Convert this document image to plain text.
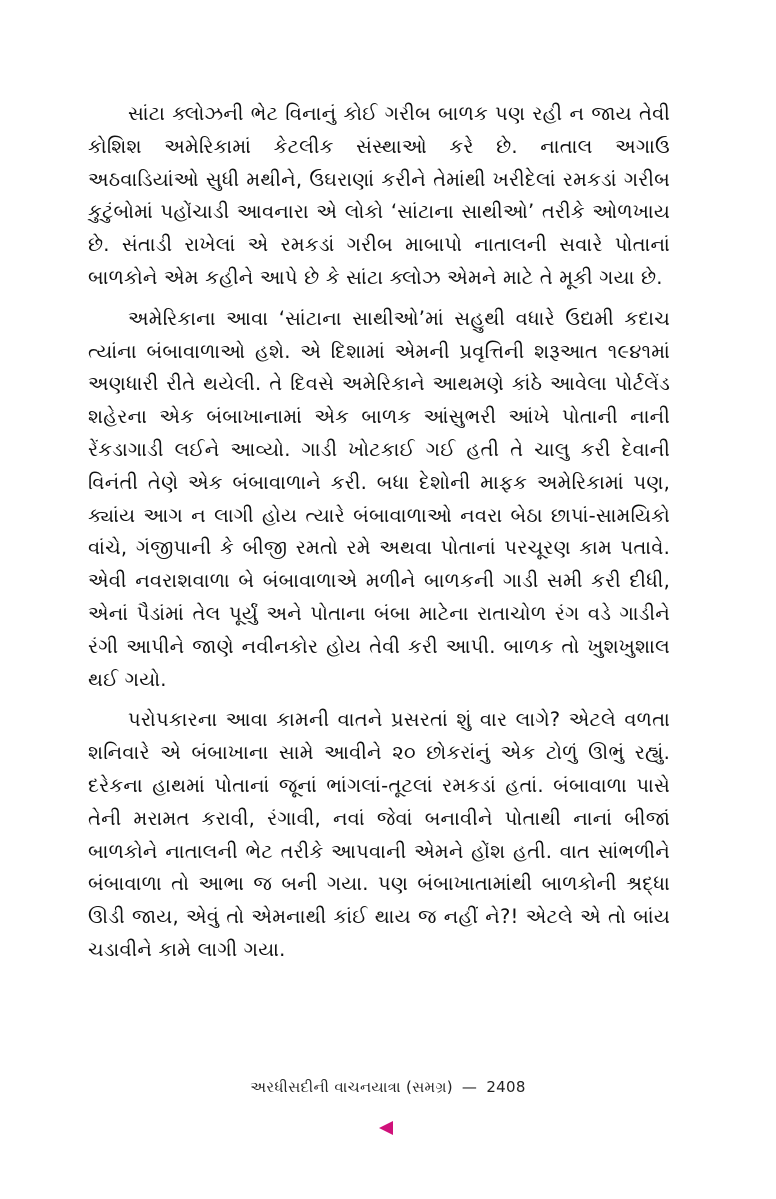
સાંટા ક્લોઝની ભેટ વિનાનું કોઈ ગરીબ બાળક પણ રહી ન જાય તેવી કોશિશ અમેરિકામાં કેટલીક સંસ્થાઓ કરે છે. નાતાલ અગાઉ અઠવાડિયાંઓ સુધી મથીને, ઉઘરાણાં કરીને તેમાંથી ખરીદેલાં રમકડાં ગરીબ કુટુંબોમાં પહોંચાડી આવનારા એ લોકો ‘સાંટાના સાથીઓ’ તરીકે ઓળખાય છે. સંતાડી રાખેલાં એ રમકડાં ગરીબ માબાપો નાતાલની સવારે પોતાનાં બાળકોને એમ કહીને આપે છે કે સાંટા ક્લોઝ એમને માટે તે મૂકી ગયા છે.

અમેરિકાના આવા ‘સાંટાના સાથીઓ’માં સહુથી વધારે ઉદ્યમી કદાચ ત્યાંના બંબાવાળાઓ હશે. એ દિશામાં એમની પ્રવૃત્તિની શરૂઆત ૧૯૪૧માં અણધારી રીતે થયેલી. તે દિવસે અમેરિકાને આથમણે કાંઠે આવેલા પોર્ટલેંડ શહેરના એક બંબાખાનામાં એક બાળક આંસુભરી આંખે પોતાની નાની રેંકડાગાડી લઈને આવ્યો. ગાડી ખોટકાઈ ગઈ હતી તે ચાલુ કરી દેવાની વિનંતી તેણે એક બંબાવાળાને કરી. બધા દેશોની માફક અમેરિકામાં પણ, ક્યાંય આગ ન લાગી હોય ત્યારે બંબાવાળાઓ નવરા બેઠા છાપાં-સામયિકો વાંચે, ગંજીપાની કે બીજી રમતો રમે અથવા પોતાનાં પરચૂરણ કામ પતાવે. એવી નવરાશવાળા બે બંબાવાળાએ મળીને બાળકની ગાડી સમી કરી દીધી, એનાં પૈડાંમાં તેલ પૂર્યું અને પોતાના બંબા માટેના રાતાચોળ રંગ વડે ગાડીને રંગી આપીને જાણે નવીનકોર હોય તેવી કરી આપી. બાળક તો ખુશખુશાલ થઈ ગયો.

પરોપકારના આવા કામની વાતને પ્રસરતાં શું વાર લાગે? એટલે વળતા શનિવારે એ બંબાખાના સામે આવીને ૨૦ છોકરાંનું એક ટોળું ઊભું રહ્યું. દરેકના હાથમાં પોતાનાં જૂનાં ભાંગલાં-તૂટલાં રમકડાં હતાં. બંબાવાળા પાસે તેની મરામત કરાવી, રંગાવી, નવાં જેવાં બનાવીને પોતાથી નાનાં બીજાં બાળકોને નાતાલની ભેટ તરીકે આપવાની એમને હોંશ હતી. વાત સાંભળીને બંબાવાળા તો આભા જ બની ગયા. પણ બંબાખાતામાંથી બાળકોની શ્રદ્ધા ઊડી જાય, એવું તો એમનાથી કાંઈ થાય જ નહીં ને?! એટલે એ તો બાંય ચડાવીને કામે લાગી ગયા.

અરધીસદીની વાચનયાત્રા (સમગ્ર) — 2408
